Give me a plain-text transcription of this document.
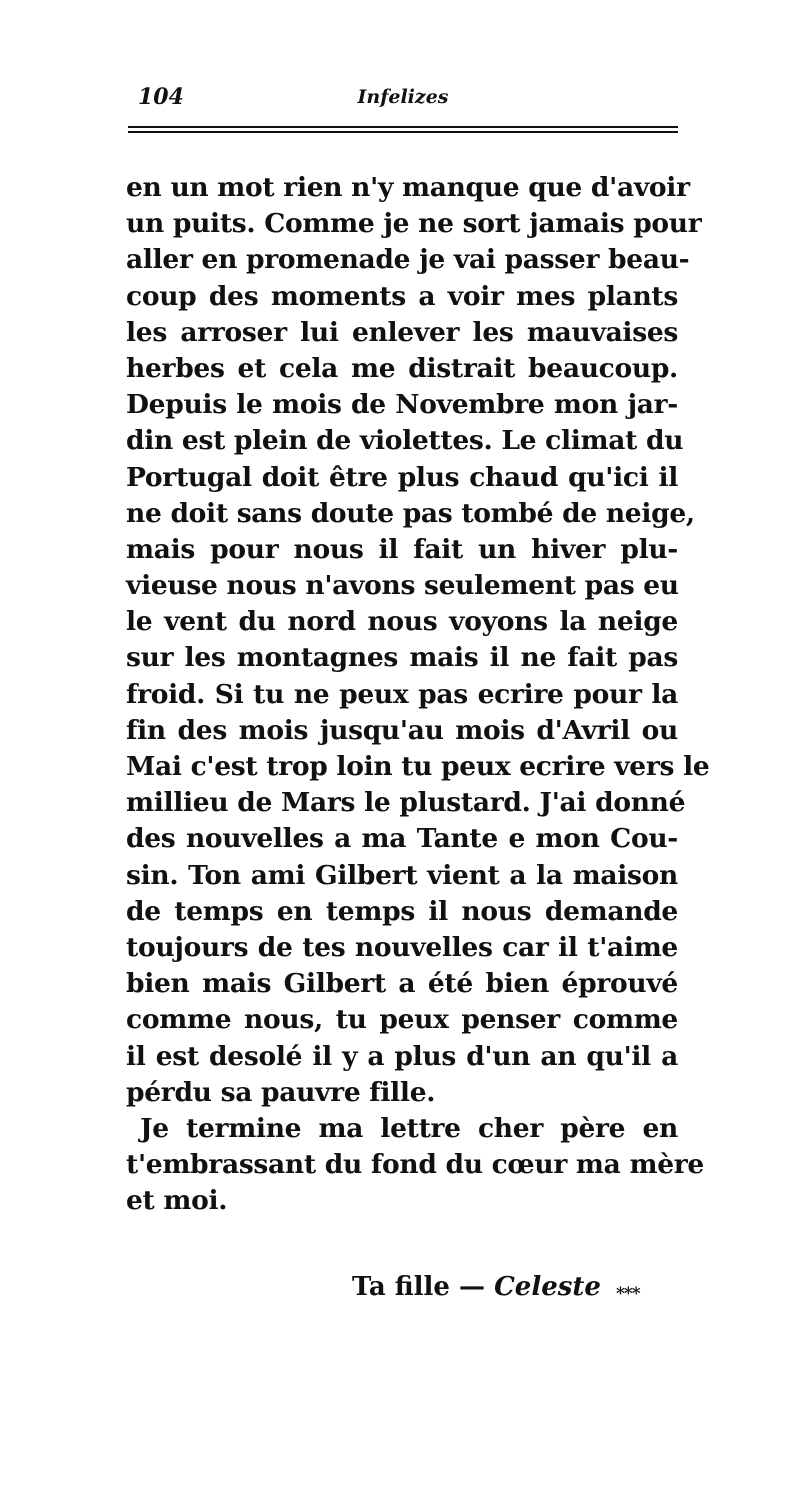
104	Infelizes
en un mot rien n'y manque que d'avoir
un puits. Comme je ne sort jamais pour
aller en promenade je vai passer beau-
coup des moments a voir mes plants
les arroser lui enlever les mauvaises
herbes et cela me distrait beaucoup.
Depuis le mois de Novembre mon jar-
din est plein de violettes. Le climat du
Portugal doit être plus chaud qu'ici il
ne doit sans doute pas tombé de neige,
mais pour nous il fait un hiver plu-
vieuse nous n'avons seulement pas eu
le vent du nord nous voyons la neige
sur les montagnes mais il ne fait pas
froid. Si tu ne peux pas ecrire pour la
fin des mois jusqu'au mois d'Avril ou
Mai c'est trop loin tu peux ecrire vers le
millieu de Mars le plustard. J'ai donné
des nouvelles a ma Tante e mon Cou-
sin. Ton ami Gilbert vient a la maison
de temps en temps il nous demande
toujours de tes nouvelles car il t'aime
bien mais Gilbert a été bien éprouvé
comme nous, tu peux penser comme
il est desolé il y a plus d'un an qu'il a
pérdu sa pauvre fille.
Je termine ma lettre cher père en
t'embrassant du fond du cœur ma mère
et moi.
Ta fille — Celeste ***
